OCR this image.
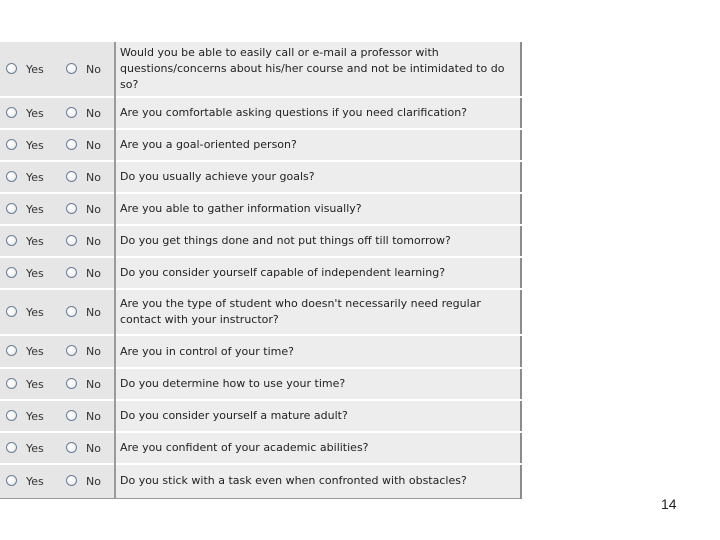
Yes	No	Would you be able to easily call or e-mail a professor with questions/concerns about his/her course and not be intimidated to do so?
Yes	No	Are you comfortable asking questions if you need clarification?
Yes	No	Are you a goal-oriented person?
Yes	No	Do you usually achieve your goals?
Yes	No	Are you able to gather information visually?
Yes	No	Do you get things done and not put things off till tomorrow?
Yes	No	Do you consider yourself capable of independent learning?
Yes	No	Are you the type of student who doesn't necessarily need regular contact with your instructor?
Yes	No	Are you in control of your time?
Yes	No	Do you determine how to use your time?
Yes	No	Do you consider yourself a mature adult?
Yes	No	Are you confident of your academic abilities?
Yes	No	Do you stick with a task even when confronted with obstacles?
14
